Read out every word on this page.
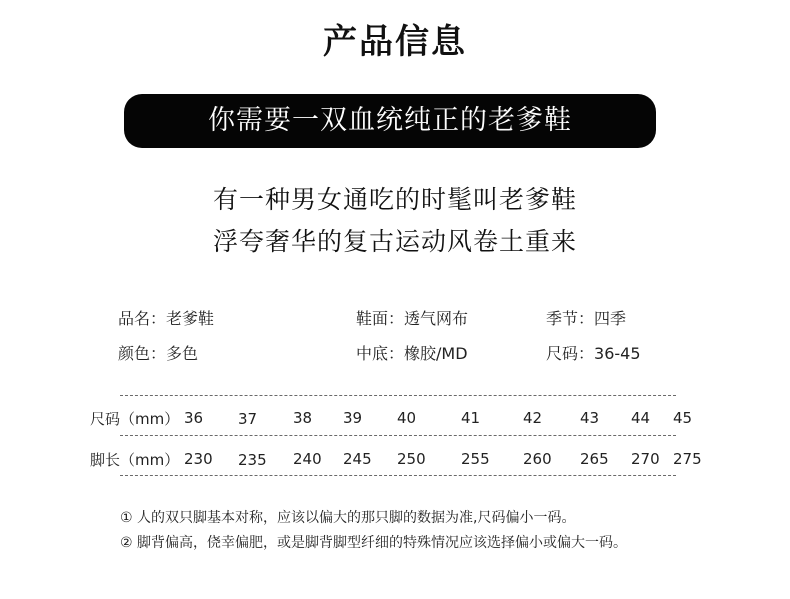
产品信息
你需要一双血统纯正的老爹鞋
有一种男女通吃的时髦叫老爹鞋
浮夸奢华的复古运动风卷土重来
品名：老爹鞋	鞋面：透气网布	季节：四季
颜色：多色	中底：橡胶/MD	尺码：36-45
尺码（mm） 36 37 38 39 40	41	42	43 44 45
脚长（mm） 230 235 240 245 250 255 260 265 270 275
① 人的双只脚基本对称，应该以偏大的那只脚的数据为准,尺码偏小一码。
② 脚背偏高，侥幸偏肥，或是脚背脚型纤细的特殊情况应该选择偏小或偏大一码。
